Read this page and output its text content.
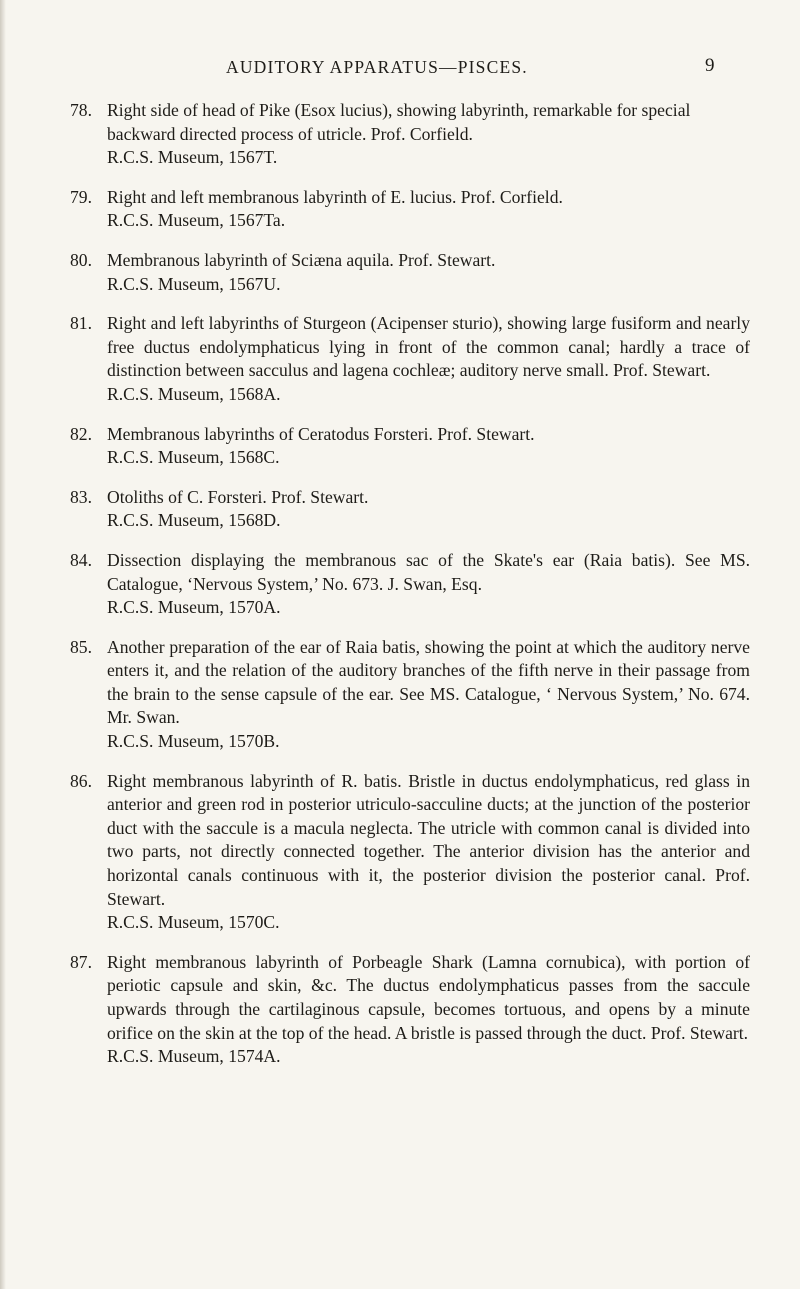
AUDITORY APPARATUS—PISCES.	9
78. Right side of head of Pike (Esox lucius), showing labyrinth, remarkable for special backward directed process of utricle. Prof. Corfield.
R.C.S. Museum, 1567T.
79. Right and left membranous labyrinth of E. lucius. Prof. Corfield.
R.C.S. Museum, 1567Ta.
80. Membranous labyrinth of Sciæna aquila. Prof. Stewart.
R.C.S. Museum, 1567U.
81. Right and left labyrinths of Sturgeon (Acipenser sturio), showing large fusiform and nearly free ductus endolymphaticus lying in front of the common canal; hardly a trace of distinction between sacculus and lagena cochleæ; auditory nerve small. Prof. Stewart.
R.C.S. Museum, 1568A.
82. Membranous labyrinths of Ceratodus Forsteri. Prof. Stewart.
R.C.S. Museum, 1568C.
83. Otoliths of C. Forsteri. Prof. Stewart.
R.C.S. Museum, 1568D.
84. Dissection displaying the membranous sac of the Skate's ear (Raia batis). See MS. Catalogue, ‘Nervous System,’ No. 673. J. Swan, Esq.
R.C.S. Museum, 1570A.
85. Another preparation of the ear of Raia batis, showing the point at which the auditory nerve enters it, and the relation of the auditory branches of the fifth nerve in their passage from the brain to the sense capsule of the ear. See MS. Catalogue, ‘ Nervous System,’ No. 674. Mr. Swan.
R.C.S. Museum, 1570B.
86. Right membranous labyrinth of R. batis. Bristle in ductus endolymphaticus, red glass in anterior and green rod in posterior utriculo-sacculine ducts; at the junction of the posterior duct with the saccule is a macula neglecta. The utricle with common canal is divided into two parts, not directly connected together. The anterior division has the anterior and horizontal canals continuous with it, the posterior division the posterior canal. Prof. Stewart.
R.C.S. Museum, 1570C.
87. Right membranous labyrinth of Porbeagle Shark (Lamna cornubica), with portion of periotic capsule and skin, &c. The ductus endolymphaticus passes from the saccule upwards through the cartilaginous capsule, becomes tortuous, and opens by a minute orifice on the skin at the top of the head. A bristle is passed through the duct. Prof. Stewart.
R.C.S. Museum, 1574A.
